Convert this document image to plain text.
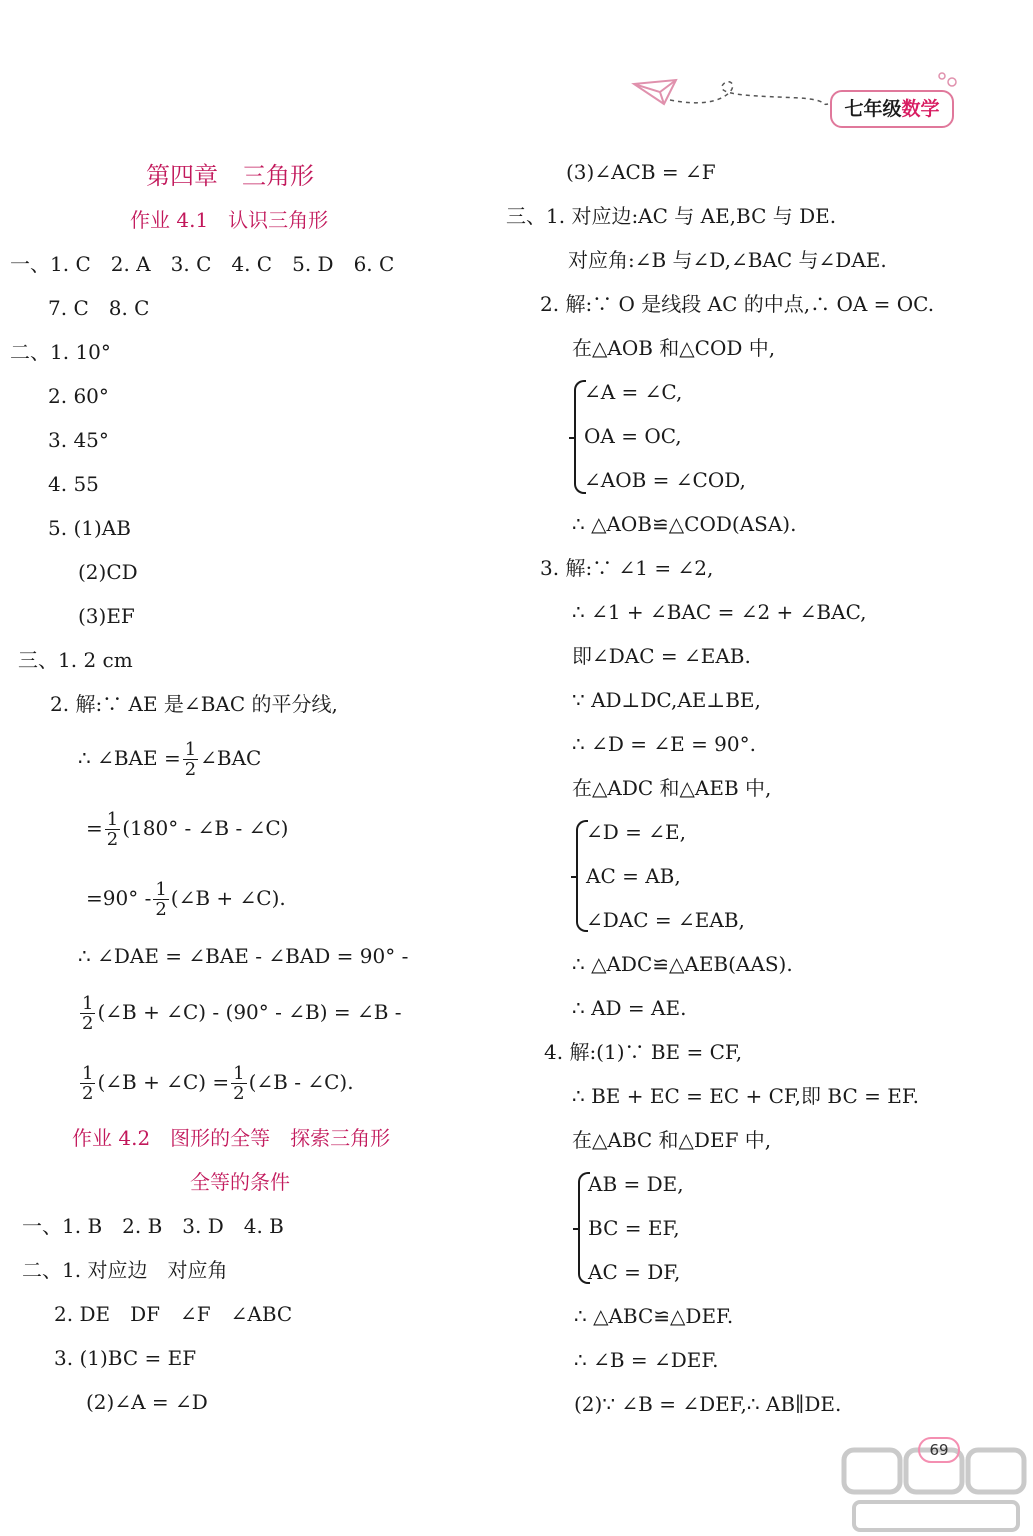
七年级数学
第四章　三角形
作业 4.1　认识三角形
一、1. C　2. A　3. C　4. C　5. D　6. C
7. C　8. C
二、1. 10°
2. 60°
3. 45°
4. 55
5. (1)AB
(2)CD
(3)EF
三、1. 2 cm
2. 解:∵ AE 是∠BAC 的平分线,
∴ ∠BAE = $\frac{1}{2}$ ∠BAC
= $\frac{1}{2} (180^\circ$ - ∠B - ∠C)
$=90^\circ - \frac{1}{2}$ (∠B + ∠C).
∴ ∠DAE = ∠BAE - ∠BAD = 90° -
$\frac{1}{2}$ (∠B + ∠C) - (90° - ∠B) = ∠B -
$\frac{1}{2}$ (∠B + ∠C) = $\frac{1}{2}$ (∠B - ∠C).
作业 4.2　图形的全等　探索三角形
全等的条件
一、1. B　2. B　3. D　4. B
二、1. 对应边　对应角
2. DE　DF　∠F　∠ABC
3. (1)BC = EF
(2)∠A = ∠D
(3)∠ACB = ∠F
三、1. 对应边:AC 与 AE,BC 与 DE.
对应角:∠B 与∠D,∠BAC 与∠DAE.
2. 解:∵ O 是线段 AC 的中点,∴ OA = OC.
在△AOB 和△COD 中,
∠A = ∠C,
OA = OC,
∠AOB = ∠COD,
∴ △AOB≌△COD(ASA).
3. 解:∵ ∠1 = ∠2,
∴ ∠1 + ∠BAC = ∠2 + ∠BAC,
即∠DAC = ∠EAB.
∵ AD⊥DC,AE⊥BE,
∴ ∠D = ∠E = 90°.
在△ADC 和△AEB 中,
∠D = ∠E,
AC = AB,
∠DAC = ∠EAB,
∴ △ADC≌△AEB(AAS).
∴ AD = AE.
4. 解:(1)∵ BE = CF,
∴ BE + EC = EC + CF,即 BC = EF.
在△ABC 和△DEF 中,
AB = DE,
BC = EF,
AC = DF,
∴ △ABC≌△DEF.
∴ ∠B = ∠DEF.
(2)∵ ∠B = ∠DEF,∴ AB∥DE.
69
